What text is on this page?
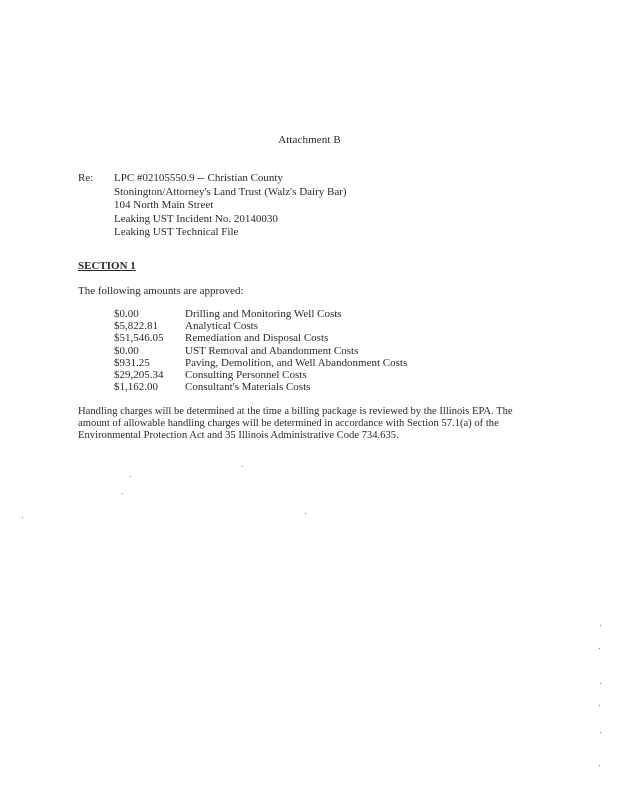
Attachment B
Re: LPC #02105550.9 -- Christian County
Stonington/Attorney's Land Trust (Walz's Dairy Bar)
104 North Main Street
Leaking UST Incident No. 20140030
Leaking UST Technical File
SECTION 1
The following amounts are approved:
$0.00	Drilling and Monitoring Well Costs
$5,822.81	Analytical Costs
$51,546.05	Remediation and Disposal Costs
$0.00	UST Removal and Abandonment Costs
$931.25	Paving, Demolition, and Well Abandonment Costs
$29,205.34	Consulting Personnel Costs
$1,162.00	Consultant's Materials Costs
Handling charges will be determined at the time a billing package is reviewed by the Illinois EPA. The
amount of allowable handling charges will be determined in accordance with Section 57.1(a) of the
Environmental Protection Act and 35 Illinois Administrative Code 734.635.
